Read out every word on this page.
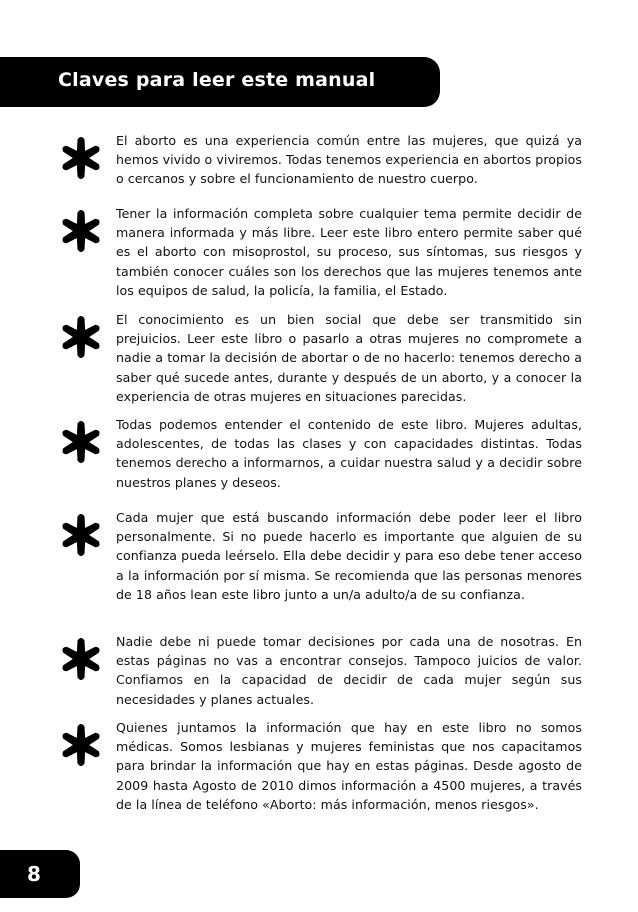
Claves para leer este manual

El aborto es una experiencia común entre las mujeres, que quizá ya hemos vivido o viviremos. Todas tenemos experiencia en abortos propios o cercanos y sobre el funcionamiento de nuestro cuerpo.

Tener la información completa sobre cualquier tema permite decidir de manera informada y más libre. Leer este libro entero permite saber qué es el aborto con misoprostol, su proceso, sus síntomas, sus riesgos y también conocer cuáles son los derechos que las mujeres tenemos ante los equipos de salud, la policía, la familia, el Estado.

El conocimiento es un bien social que debe ser transmitido sin prejuicios. Leer este libro o pasarlo a otras mujeres no compromete a nadie a tomar la decisión de abortar o de no hacerlo: tenemos derecho a saber qué sucede antes, durante y después de un aborto, y a conocer la experiencia de otras mujeres en situaciones parecidas.

Todas podemos entender el contenido de este libro. Mujeres adultas, adolescentes, de todas las clases y con capacidades distintas. Todas tenemos derecho a informarnos, a cuidar nuestra salud y a decidir sobre nuestros planes y deseos.

Cada mujer que está buscando información debe poder leer el libro personalmente. Si no puede hacerlo es importante que alguien de su confianza pueda leérselo. Ella debe decidir y para eso debe tener acceso a la información por sí misma. Se recomienda que las personas menores de 18 años lean este libro junto a un/a adulto/a de su confianza.

Nadie debe ni puede tomar decisiones por cada una de nosotras. En estas páginas no vas a encontrar consejos. Tampoco juicios de valor. Confiamos en la capacidad de decidir de cada mujer según sus necesidades y planes actuales.

Quienes juntamos la información que hay en este libro no somos médicas. Somos lesbianas y mujeres feministas que nos capacitamos para brindar la información que hay en estas páginas. Desde agosto de 2009 hasta Agosto de 2010 dimos información a 4500 mujeres, a través de la línea de teléfono «Aborto: más información, menos riesgos».

8
